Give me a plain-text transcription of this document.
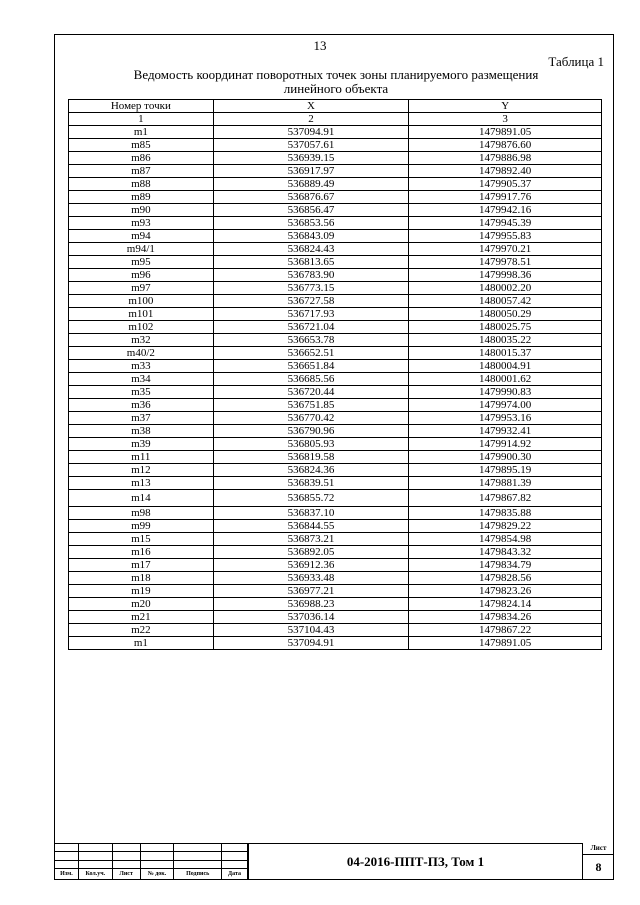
13
Таблица 1
Ведомость координат поворотных точек зоны планируемого размещения
линейного объекта
Номер точки	X	Y
1	2	3
m1	537094.91	1479891.05
m85	537057.61	1479876.60
m86	536939.15	1479886.98
m87	536917.97	1479892.40
m88	536889.49	1479905.37
m89	536876.67	1479917.76
m90	536856.47	1479942.16
m93	536853.56	1479945.39
m94	536843.09	1479955.83
m94/1	536824.43	1479970.21
m95	536813.65	1479978.51
m96	536783.90	1479998.36
m97	536773.15	1480002.20
m100	536727.58	1480057.42
m101	536717.93	1480050.29
m102	536721.04	1480025.75
m32	536653.78	1480035.22
m40/2	536652.51	1480015.37
m33	536651.84	1480004.91
m34	536685.56	1480001.62
m35	536720.44	1479990.83
m36	536751.85	1479974.00
m37	536770.42	1479953.16
m38	536790.96	1479932.41
m39	536805.93	1479914.92
m11	536819.58	1479900.30
m12	536824.36	1479895.19
m13	536839.51	1479881.39
m14	536855.72	1479867.82
m98	536837.10	1479835.88
m99	536844.55	1479829.22
m15	536873.21	1479854.98
m16	536892.05	1479843.32
m17	536912.36	1479834.79
m18	536933.48	1479828.56
m19	536977.21	1479823.26
m20	536988.23	1479824.14
m21	537036.14	1479834.26
m22	537104.43	1479867.22
m1	537094.91	1479891.05

Изм.	Кол.уч.	Лист	№ док.	Подпись	Дата
04-2016-ППТ-ПЗ, Том 1
Лист
8
